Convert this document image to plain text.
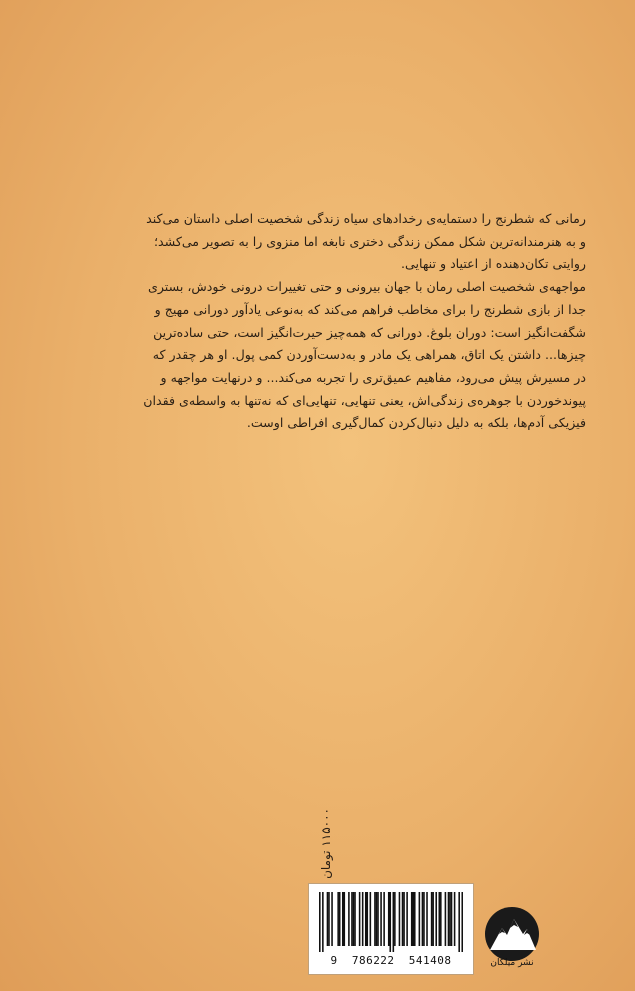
رمانی که شطرنج را دستمایه‌ی رخدادهای سیاه زندگی شخصیت اصلی داستان می‌کند

و به هنرمندانه‌ترین شکل ممکن زندگی دختری نابغه اما منزوی را به تصویر می‌کشد؛

روایتی تکان‌دهنده از اعتیاد و تنهایی.

مواجهه‌ی شخصیت اصلی رمان با جهان بیرونی و حتی تغییرات درونی خودش، بستری

جدا از بازی شطرنج را برای مخاطب فراهم می‌کند که به‌نوعی یادآور دورانی مهیج و

شگفت‌انگیز است: دوران بلوغ. دورانی که همه‌چیز حیرت‌انگیز است، حتی ساده‌ترین

چیزها... داشتن یک اتاق، همراهی یک مادر و به‌دست‌آوردن کمی پول. او هر چقدر که

در مسیرش پیش می‌رود، مفاهیم عمیق‌تری را تجربه می‌کند... و درنهایت مواجهه و

پیوندخوردن با جوهره‌ی زندگی‌اش، یعنی تنهایی، تنهایی‌ای که نه‌تنها به واسطه‌ی فقدان

فیزیکی آدم‌ها، بلکه به دلیل دنبال‌کردن کمال‌گیری افراطی اوست.

۱۱۵۰۰۰ تومان
9  786222  541408	نشر میلکان
